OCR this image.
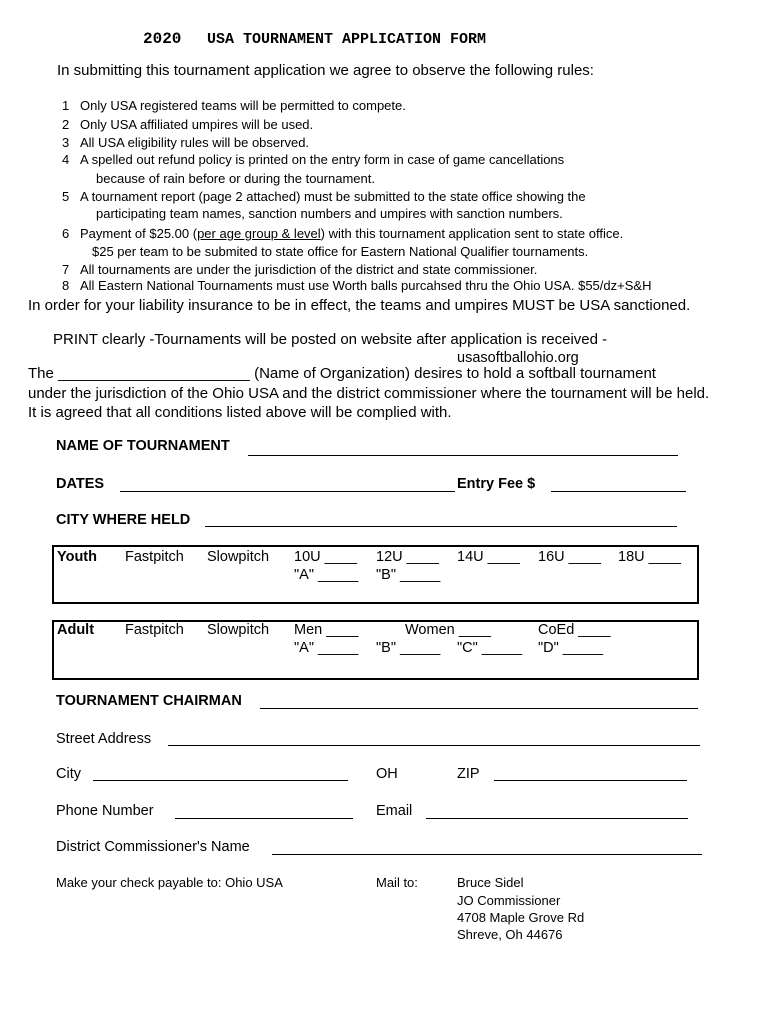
2020 USA TOURNAMENT APPLICATION FORM
In submitting this tournament application we agree to observe the following rules:
1 Only USA registered teams will be permitted to compete.
2 Only USA affiliated umpires will be used.
3 All USA eligibility rules will be observed.
4 A spelled out refund policy is printed on the entry form in case of game cancellations
because of rain before or during the tournament.
5 A tournament report (page 2 attached) must be submitted to the state office showing the
participating team names, sanction numbers and umpires with sanction numbers.
6 Payment of $25.00 (per age group & level) with this tournament application sent to state office.
$25 per team to be submited to state office for Eastern National Qualifier tournaments.
7 All tournaments are under the jurisdiction of the district and state commissioner.
8 All Eastern National Tournaments must use Worth balls purcahsed thru the Ohio USA. $55/dz+S&H
In order for your liability insurance to be in effect, the teams and umpires MUST be USA sanctioned.
PRINT clearly -Tournaments will be posted on website after application is received -
usasoftballohio.org
The _______________________ (Name of Organization) desires to hold a softball tournament
under the jurisdiction of the Ohio USA and the district commissioner where the tournament will be held.
It is agreed that all conditions listed above will be complied with.
NAME OF TOURNAMENT
DATES	Entry Fee $
CITY WHERE HELD
Youth Fastpitch Slowpitch 10U ____ 12U ____ 14U ____ 16U ____ 18U ____
"A" _____ "B" _____
Adult Fastpitch Slowpitch Men ____	Women ____	CoEd ____
"A" _____ "B" _____ "C" _____ "D" _____
TOURNAMENT CHAIRMAN
Street Address
City	OH	ZIP
Phone Number	Email
District Commissioner's Name
Make your check payable to: Ohio USA	Mail to:	Bruce Sidel
JO Commissioner
4708 Maple Grove Rd
Shreve, Oh 44676
